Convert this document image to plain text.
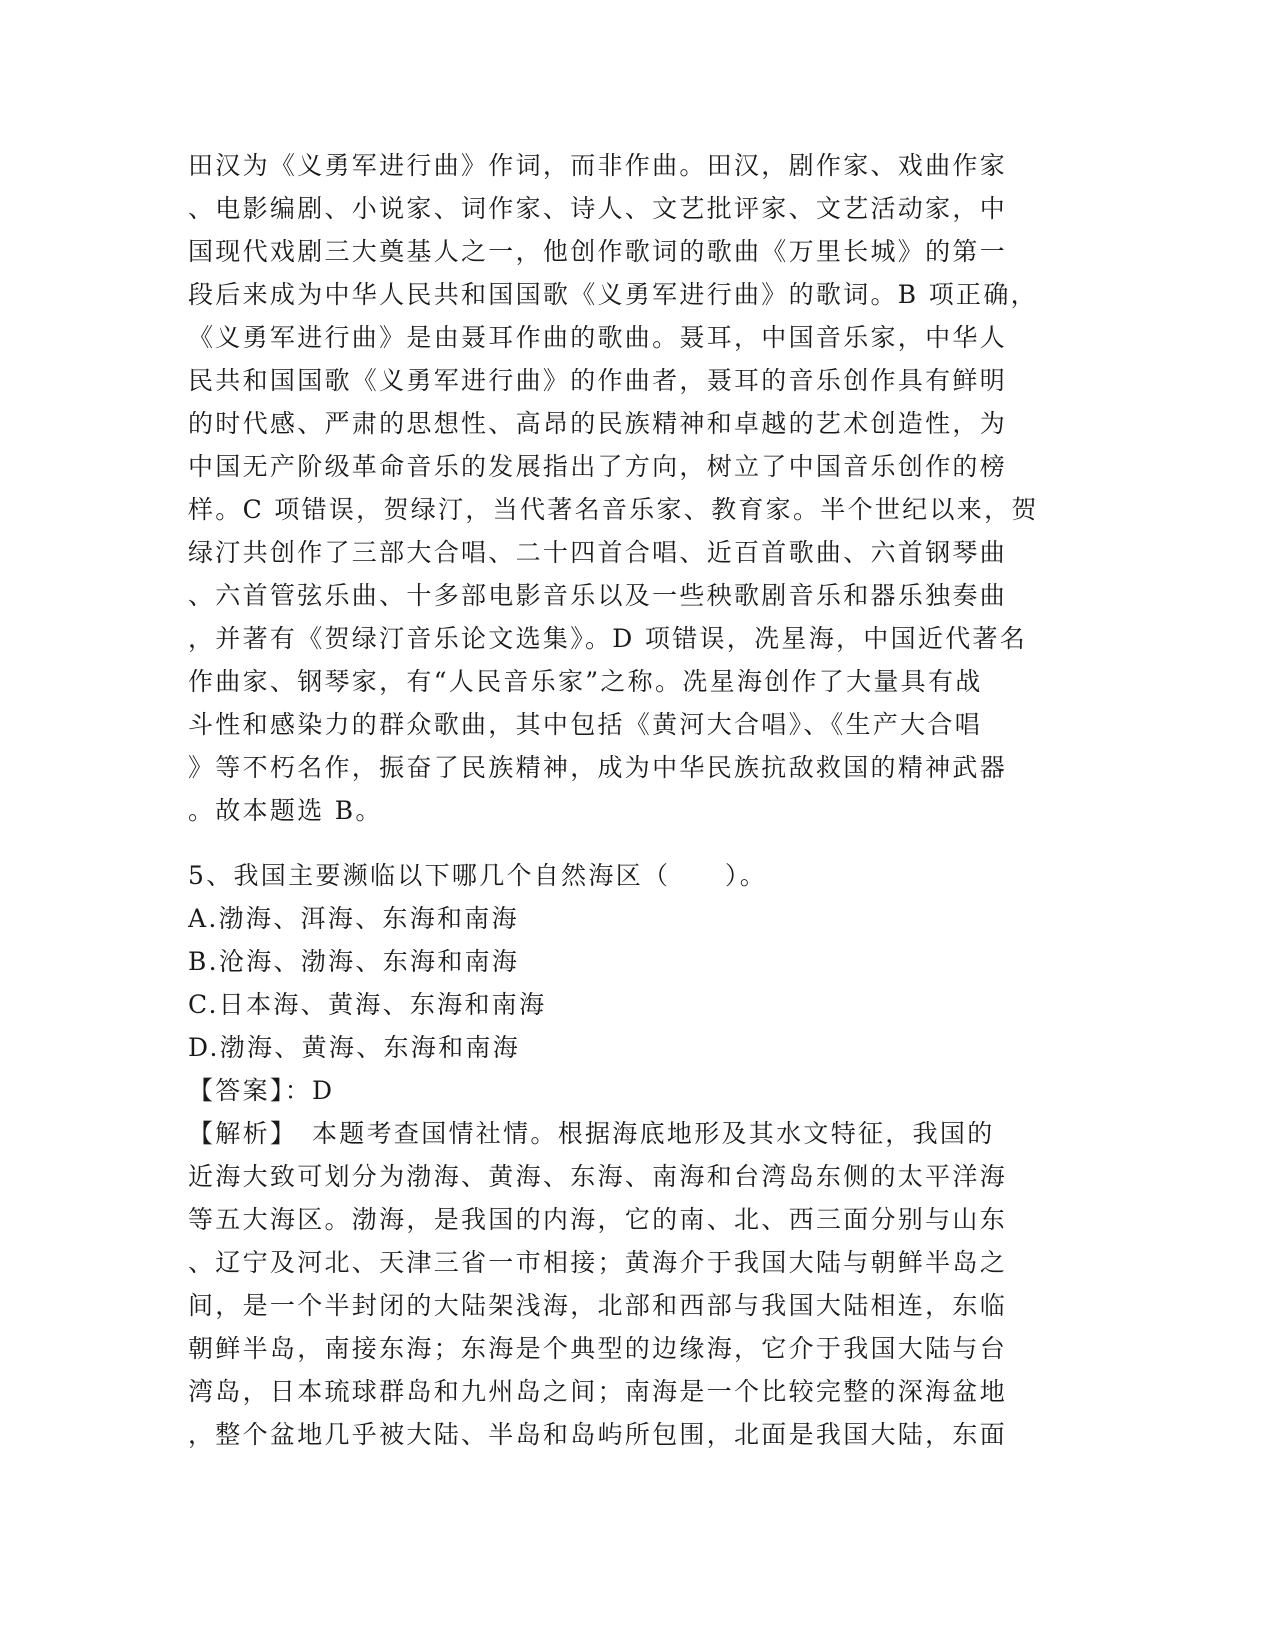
田汉为《义勇军进行曲》作词，而非作曲。田汉，剧作家、戏曲作家
、电影编剧、小说家、词作家、诗人、文艺批评家、文艺活动家，中
国现代戏剧三大奠基人之一，他创作歌词的歌曲《万里长城》的第一
段后来成为中华人民共和国国歌《义勇军进行曲》的歌词。B 项正确，
《义勇军进行曲》是由聂耳作曲的歌曲。聂耳，中国音乐家，中华人
民共和国国歌《义勇军进行曲》的作曲者，聂耳的音乐创作具有鲜明
的时代感、严肃的思想性、高昂的民族精神和卓越的艺术创造性，为
中国无产阶级革命音乐的发展指出了方向，树立了中国音乐创作的榜
样。C 项错误，贺绿汀，当代著名音乐家、教育家。半个世纪以来，贺
绿汀共创作了三部大合唱、二十四首合唱、近百首歌曲、六首钢琴曲
、六首管弦乐曲、十多部电影音乐以及一些秧歌剧音乐和器乐独奏曲
，并著有《贺绿汀音乐论文选集》。D 项错误，冼星海，中国近代著名
作曲家、钢琴家，有“人民音乐家”之称。冼星海创作了大量具有战
斗性和感染力的群众歌曲，其中包括《黄河大合唱》、《生产大合唱
》等不朽名作，振奋了民族精神，成为中华民族抗敌救国的精神武器
。故本题选 B。
5、我国主要濒临以下哪几个自然海区（　　）。
A.渤海、洱海、东海和南海
B.沧海、渤海、东海和南海
C.日本海、黄海、东海和南海
D.渤海、黄海、东海和南海
【答案】：D
【解析】　本题考查国情社情。根据海底地形及其水文特征，我国的
近海大致可划分为渤海、黄海、东海、南海和台湾岛东侧的太平洋海
等五大海区。渤海，是我国的内海，它的南、北、西三面分别与山东
、辽宁及河北、天津三省一市相接；黄海介于我国大陆与朝鲜半岛之
间，是一个半封闭的大陆架浅海，北部和西部与我国大陆相连，东临
朝鲜半岛，南接东海；东海是个典型的边缘海，它介于我国大陆与台
湾岛，日本琉球群岛和九州岛之间；南海是一个比较完整的深海盆地
，整个盆地几乎被大陆、半岛和岛屿所包围，北面是我国大陆，东面
